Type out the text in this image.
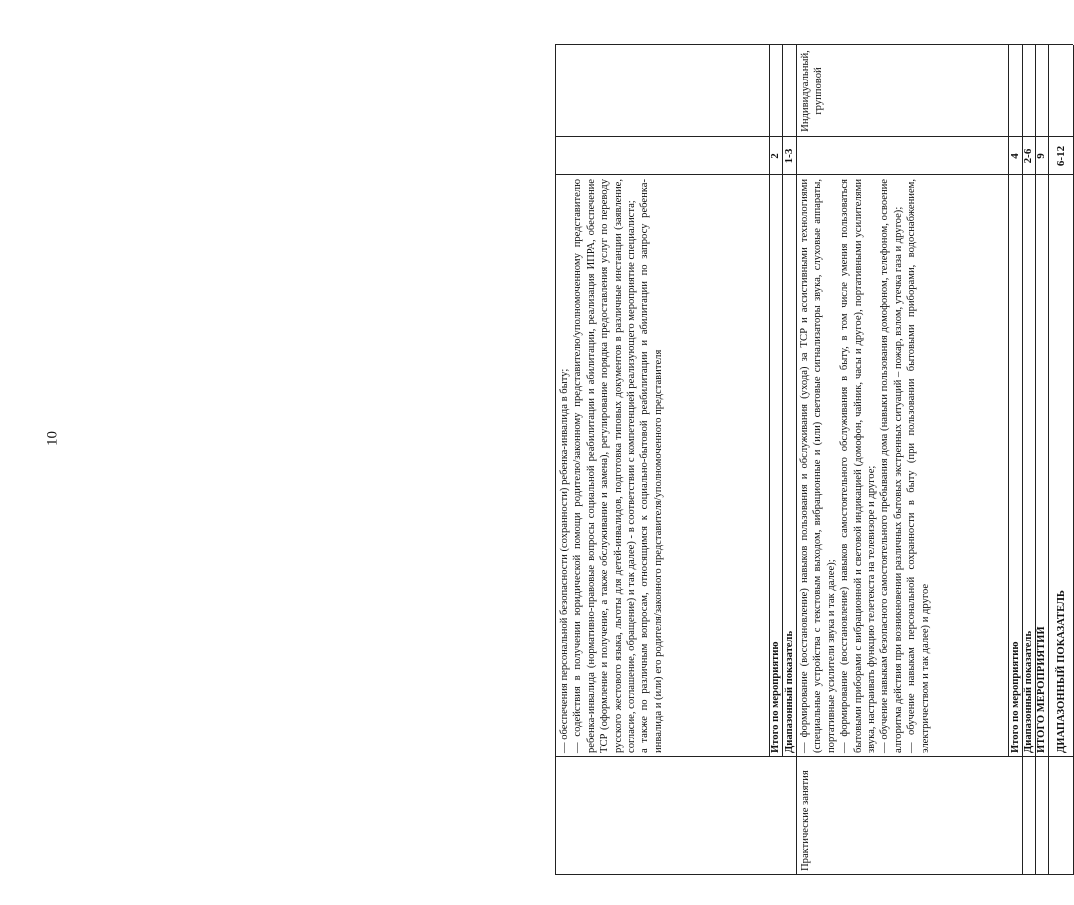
10	— обеспечения персональной безопасности (сохранности) ребенка-инвалида в быту; — содействия в получении юридической помощи родителю/законному представителю/уполномоченному представителю ребенка-инвалида (нормативно-правовые вопросы социальной реабилитации и абилитации, реализация ИПРА, обеспечение ТСР (оформление и получение, а также обслуживание и замена), регулирование порядка предоставления услуг по переводу русского жестового языка, льготы для детей-инвалидов, подготовка типовых документов в различные инстанции (заявление, согласие, соглашение, обращение) и так далее) - в соответствии с компетенцией реализующего мероприятие специалиста; а также по различным вопросам, относящимся к социально-бытовой реабилитации и абилитации по запросу ребенка-инвалида и (или) его родителя/законного представителя/уполномоченного представителя	Итого по мероприятию
2
Диапазонный показатель
1-3
Практические занятия

— формирование (восстановление) навыков пользования и обслуживания (ухода) за ТСР и ассистивными технологиями (специальные устройства с текстовым выходом, вибрационные и (или) световые сигнализаторы звука, слуховые аппараты, портативные усилители звука и так далее); — формирование (восстановление) навыков самостоятельного обслуживания в быту, в том числе умения пользоваться бытовыми приборами с вибрационной и световой индикацией (домофон, чайник, часы и другое), портативными усилителями звука, настраивать функцию телетекста на телевизоре и другое; — обучение навыкам безопасного самостоятельного пребывания дома (навыки пользования домофоном, телефоном, освоение алгоритма действия при возникновении различных бытовых экстренных ситуаций – пожар, взлом, утечка газа и другое); — обучение навыкам персональной сохранности в быту (при пользовании бытовыми приборами, водоснабжением, электричеством и так далее) и другое

Индивидуальный, групповой
Итого по мероприятию
4
Диапазонный показатель
2-6
ИТОГО МЕРОПРИЯТИЙ
9
ДИАПАЗОННЫЙ ПОКАЗАТЕЛЬ
6-12
